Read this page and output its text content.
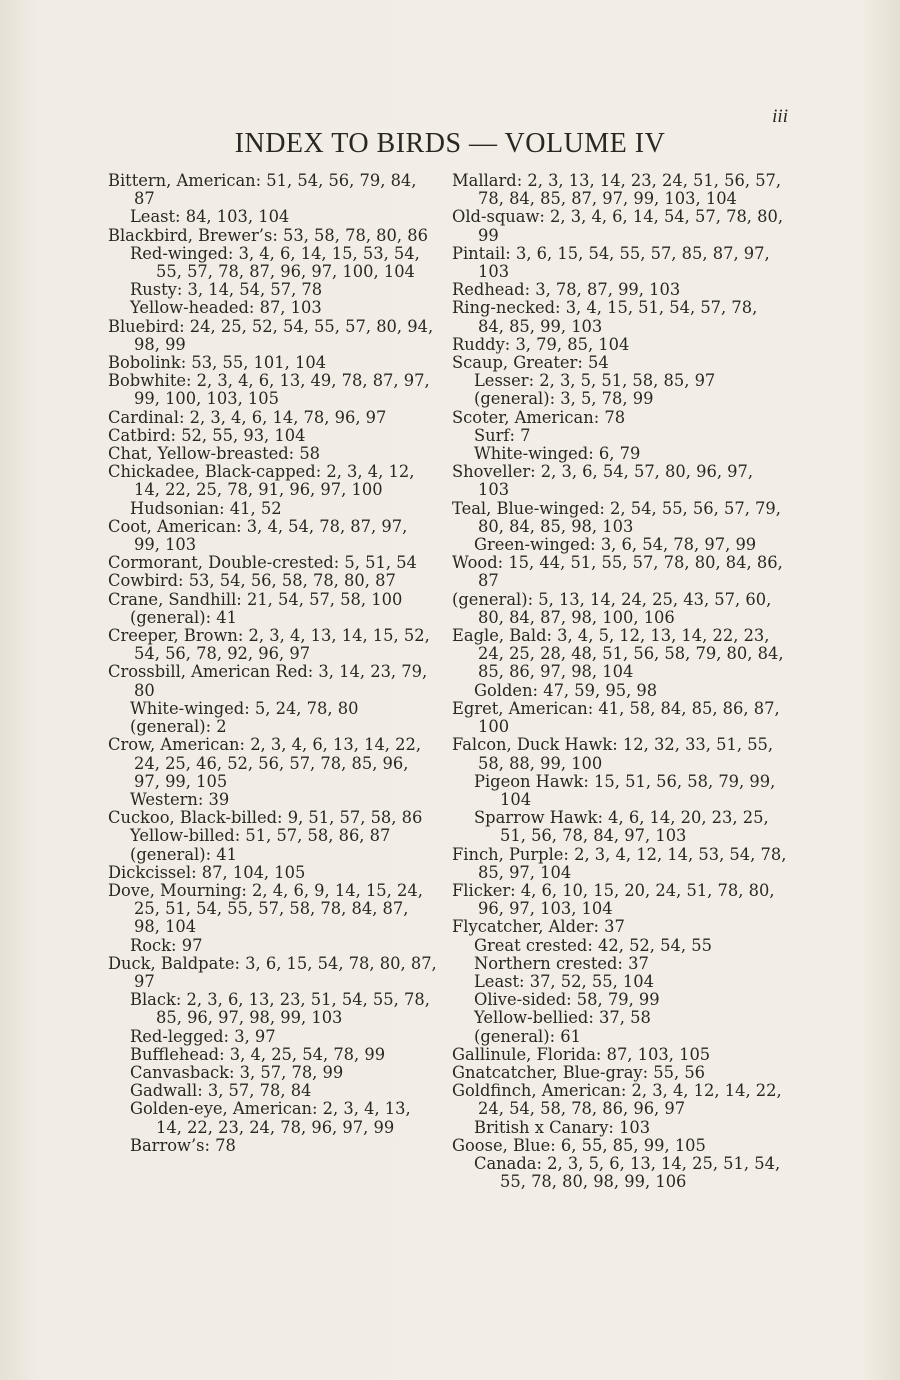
iii
INDEX TO BIRDS — VOLUME IV
Bittern, American: 51, 54, 56, 79, 84, 87
Least: 84, 103, 104
Blackbird, Brewer’s: 53, 58, 78, 80, 86
Red-winged: 3, 4, 6, 14, 15, 53, 54, 55, 57, 78, 87, 96, 97, 100, 104
Rusty: 3, 14, 54, 57, 78
Yellow-headed: 87, 103
Bluebird: 24, 25, 52, 54, 55, 57, 80, 94, 98, 99
Bobolink: 53, 55, 101, 104
Bobwhite: 2, 3, 4, 6, 13, 49, 78, 87, 97, 99, 100, 103, 105
Cardinal: 2, 3, 4, 6, 14, 78, 96, 97
Catbird: 52, 55, 93, 104
Chat, Yellow-breasted: 58
Chickadee, Black-capped: 2, 3, 4, 12, 14, 22, 25, 78, 91, 96, 97, 100
Hudsonian: 41, 52
Coot, American: 3, 4, 54, 78, 87, 97, 99, 103
Cormorant, Double-crested: 5, 51, 54
Cowbird: 53, 54, 56, 58, 78, 80, 87
Crane, Sandhill: 21, 54, 57, 58, 100
(general): 41
Creeper, Brown: 2, 3, 4, 13, 14, 15, 52, 54, 56, 78, 92, 96, 97
Crossbill, American Red: 3, 14, 23, 79, 80
White-winged: 5, 24, 78, 80
(general): 2
Crow, American: 2, 3, 4, 6, 13, 14, 22, 24, 25, 46, 52, 56, 57, 78, 85, 96, 97, 99, 105
Western: 39
Cuckoo, Black-billed: 9, 51, 57, 58, 86
Yellow-billed: 51, 57, 58, 86, 87
(general): 41
Dickcissel: 87, 104, 105
Dove, Mourning: 2, 4, 6, 9, 14, 15, 24, 25, 51, 54, 55, 57, 58, 78, 84, 87, 98, 104
Rock: 97
Duck, Baldpate: 3, 6, 15, 54, 78, 80, 87, 97
Black: 2, 3, 6, 13, 23, 51, 54, 55, 78, 85, 96, 97, 98, 99, 103
Red-legged: 3, 97
Bufflehead: 3, 4, 25, 54, 78, 99
Canvasback: 3, 57, 78, 99
Gadwall: 3, 57, 78, 84
Golden-eye, American: 2, 3, 4, 13, 14, 22, 23, 24, 78, 96, 97, 99
Barrow’s: 78
Mallard: 2, 3, 13, 14, 23, 24, 51, 56, 57, 78, 84, 85, 87, 97, 99, 103, 104
Old-squaw: 2, 3, 4, 6, 14, 54, 57, 78, 80, 99
Pintail: 3, 6, 15, 54, 55, 57, 85, 87, 97, 103
Redhead: 3, 78, 87, 99, 103
Ring-necked: 3, 4, 15, 51, 54, 57, 78, 84, 85, 99, 103
Ruddy: 3, 79, 85, 104
Scaup, Greater: 54
Lesser: 2, 3, 5, 51, 58, 85, 97
(general): 3, 5, 78, 99
Scoter, American: 78
Surf: 7
White-winged: 6, 79
Shoveller: 2, 3, 6, 54, 57, 80, 96, 97, 103
Teal, Blue-winged: 2, 54, 55, 56, 57, 79, 80, 84, 85, 98, 103
Green-winged: 3, 6, 54, 78, 97, 99
Wood: 15, 44, 51, 55, 57, 78, 80, 84, 86, 87
(general): 5, 13, 14, 24, 25, 43, 57, 60, 80, 84, 87, 98, 100, 106
Eagle, Bald: 3, 4, 5, 12, 13, 14, 22, 23, 24, 25, 28, 48, 51, 56, 58, 79, 80, 84, 85, 86, 97, 98, 104
Golden: 47, 59, 95, 98
Egret, American: 41, 58, 84, 85, 86, 87, 100
Falcon, Duck Hawk: 12, 32, 33, 51, 55, 58, 88, 99, 100
Pigeon Hawk: 15, 51, 56, 58, 79, 99, 104
Sparrow Hawk: 4, 6, 14, 20, 23, 25, 51, 56, 78, 84, 97, 103
Finch, Purple: 2, 3, 4, 12, 14, 53, 54, 78, 85, 97, 104
Flicker: 4, 6, 10, 15, 20, 24, 51, 78, 80, 96, 97, 103, 104
Flycatcher, Alder: 37
Great crested: 42, 52, 54, 55
Northern crested: 37
Least: 37, 52, 55, 104
Olive-sided: 58, 79, 99
Yellow-bellied: 37, 58
(general): 61
Gallinule, Florida: 87, 103, 105
Gnatcatcher, Blue-gray: 55, 56
Goldfinch, American: 2, 3, 4, 12, 14, 22, 24, 54, 58, 78, 86, 96, 97
British x Canary: 103
Goose, Blue: 6, 55, 85, 99, 105
Canada: 2, 3, 5, 6, 13, 14, 25, 51, 54, 55, 78, 80, 98, 99, 106
